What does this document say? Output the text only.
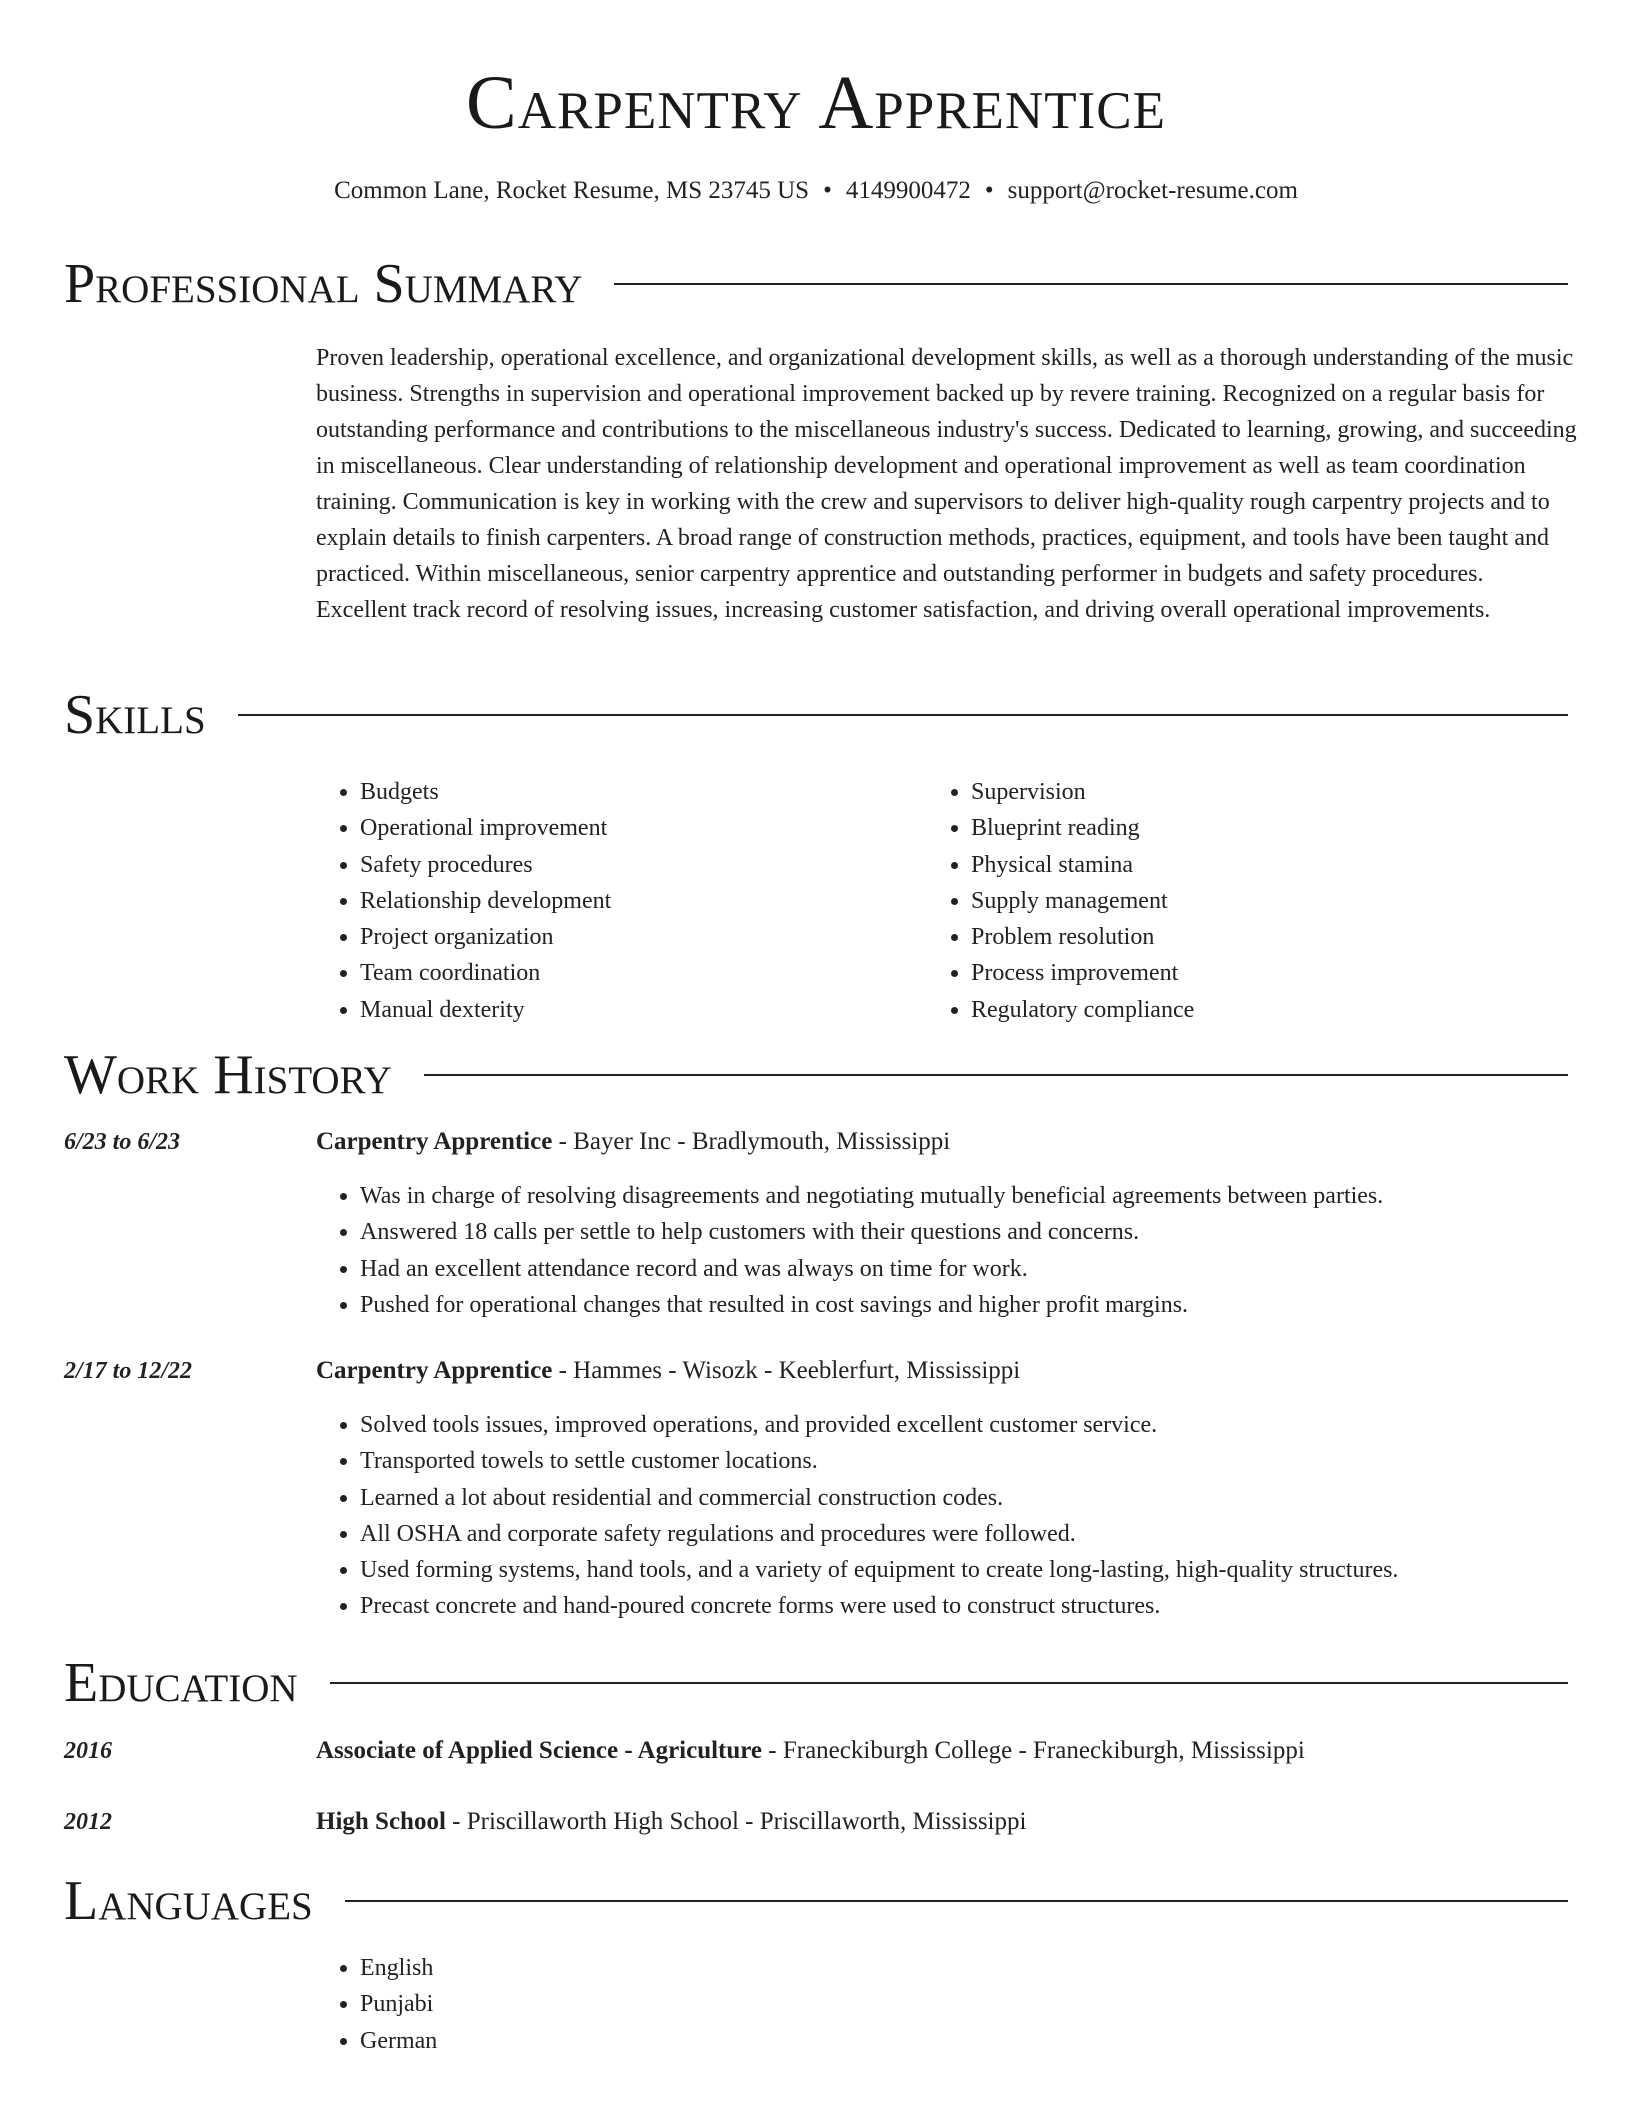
Carpentry Apprentice
Common Lane, Rocket Resume, MS 23745 US • 4149900472 • support@rocket-resume.com
Professional Summary
Proven leadership, operational excellence, and organizational development skills, as well as a thorough understanding of the music business. Strengths in supervision and operational improvement backed up by revere training. Recognized on a regular basis for outstanding performance and contributions to the miscellaneous industry's success. Dedicated to learning, growing, and succeeding in miscellaneous. Clear understanding of relationship development and operational improvement as well as team coordination training. Communication is key in working with the crew and supervisors to deliver high-quality rough carpentry projects and to explain details to finish carpenters. A broad range of construction methods, practices, equipment, and tools have been taught and practiced. Within miscellaneous, senior carpentry apprentice and outstanding performer in budgets and safety procedures. Excellent track record of resolving issues, increasing customer satisfaction, and driving overall operational improvements.
Skills
• Budgets
• Operational improvement
• Safety procedures
• Relationship development
• Project organization
• Team coordination
• Manual dexterity
• Supervision
• Blueprint reading
• Physical stamina
• Supply management
• Problem resolution
• Process improvement
• Regulatory compliance
Work History
6/23 to 6/23	Carpentry Apprentice - Bayer Inc - Bradlymouth, Mississippi
• Was in charge of resolving disagreements and negotiating mutually beneficial agreements between parties.
• Answered 18 calls per settle to help customers with their questions and concerns.
• Had an excellent attendance record and was always on time for work.
• Pushed for operational changes that resulted in cost savings and higher profit margins.
2/17 to 12/22	Carpentry Apprentice - Hammes - Wisozk - Keeblerfurt, Mississippi
• Solved tools issues, improved operations, and provided excellent customer service.
• Transported towels to settle customer locations.
• Learned a lot about residential and commercial construction codes.
• All OSHA and corporate safety regulations and procedures were followed.
• Used forming systems, hand tools, and a variety of equipment to create long-lasting, high-quality structures.
• Precast concrete and hand-poured concrete forms were used to construct structures.
Education
2016	Associate of Applied Science - Agriculture - Franeckiburgh College - Franeckiburgh, Mississippi
2012	High School - Priscillaworth High School - Priscillaworth, Mississippi
Languages
• English
• Punjabi
• German
